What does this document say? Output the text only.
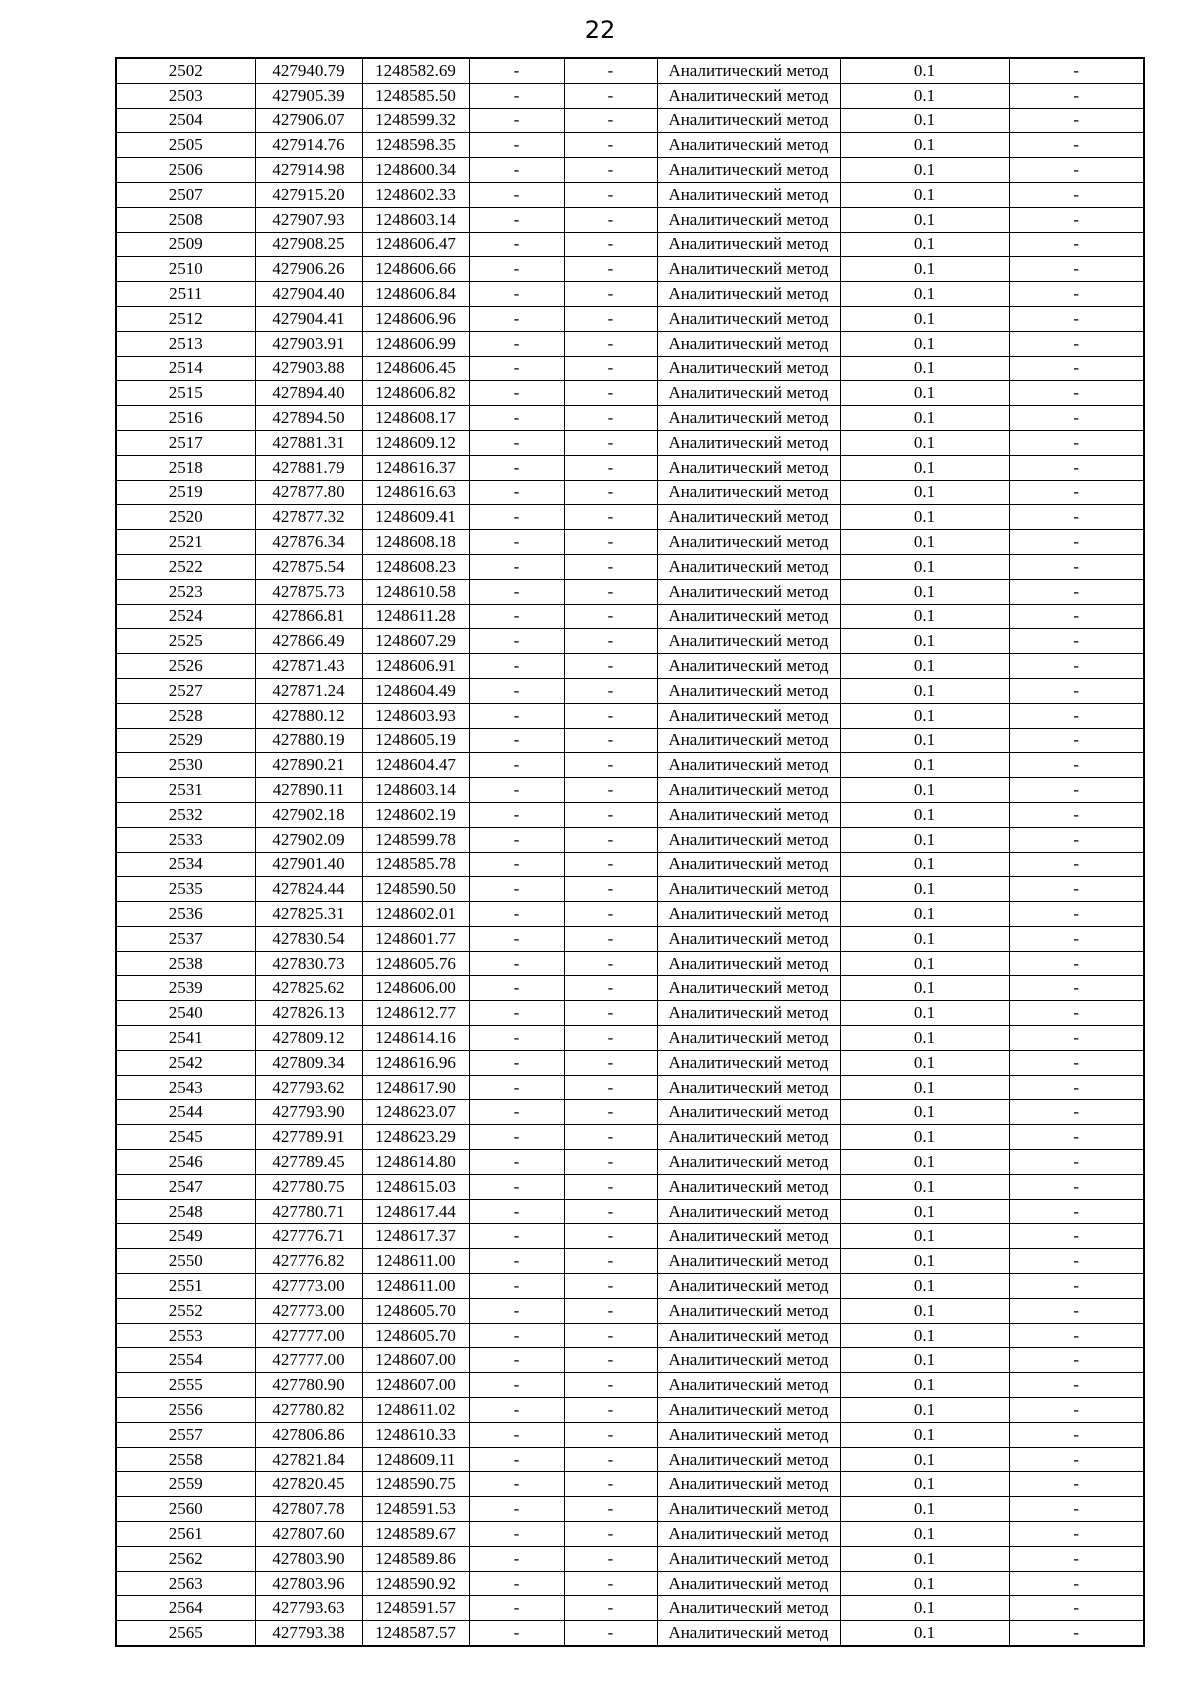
22
2502	427940.79	1248582.69	-	-	Аналитический метод	0.1	-
2503	427905.39	1248585.50	-	-	Аналитический метод	0.1	-
2504	427906.07	1248599.32	-	-	Аналитический метод	0.1	-
2505	427914.76	1248598.35	-	-	Аналитический метод	0.1	-
2506	427914.98	1248600.34	-	-	Аналитический метод	0.1	-
2507	427915.20	1248602.33	-	-	Аналитический метод	0.1	-
2508	427907.93	1248603.14	-	-	Аналитический метод	0.1	-
2509	427908.25	1248606.47	-	-	Аналитический метод	0.1	-
2510	427906.26	1248606.66	-	-	Аналитический метод	0.1	-
2511	427904.40	1248606.84	-	-	Аналитический метод	0.1	-
2512	427904.41	1248606.96	-	-	Аналитический метод	0.1	-
2513	427903.91	1248606.99	-	-	Аналитический метод	0.1	-
2514	427903.88	1248606.45	-	-	Аналитический метод	0.1	-
2515	427894.40	1248606.82	-	-	Аналитический метод	0.1	-
2516	427894.50	1248608.17	-	-	Аналитический метод	0.1	-
2517	427881.31	1248609.12	-	-	Аналитический метод	0.1	-
2518	427881.79	1248616.37	-	-	Аналитический метод	0.1	-
2519	427877.80	1248616.63	-	-	Аналитический метод	0.1	-
2520	427877.32	1248609.41	-	-	Аналитический метод	0.1	-
2521	427876.34	1248608.18	-	-	Аналитический метод	0.1	-
2522	427875.54	1248608.23	-	-	Аналитический метод	0.1	-
2523	427875.73	1248610.58	-	-	Аналитический метод	0.1	-
2524	427866.81	1248611.28	-	-	Аналитический метод	0.1	-
2525	427866.49	1248607.29	-	-	Аналитический метод	0.1	-
2526	427871.43	1248606.91	-	-	Аналитический метод	0.1	-
2527	427871.24	1248604.49	-	-	Аналитический метод	0.1	-
2528	427880.12	1248603.93	-	-	Аналитический метод	0.1	-
2529	427880.19	1248605.19	-	-	Аналитический метод	0.1	-
2530	427890.21	1248604.47	-	-	Аналитический метод	0.1	-
2531	427890.11	1248603.14	-	-	Аналитический метод	0.1	-
2532	427902.18	1248602.19	-	-	Аналитический метод	0.1	-
2533	427902.09	1248599.78	-	-	Аналитический метод	0.1	-
2534	427901.40	1248585.78	-	-	Аналитический метод	0.1	-
2535	427824.44	1248590.50	-	-	Аналитический метод	0.1	-
2536	427825.31	1248602.01	-	-	Аналитический метод	0.1	-
2537	427830.54	1248601.77	-	-	Аналитический метод	0.1	-
2538	427830.73	1248605.76	-	-	Аналитический метод	0.1	-
2539	427825.62	1248606.00	-	-	Аналитический метод	0.1	-
2540	427826.13	1248612.77	-	-	Аналитический метод	0.1	-
2541	427809.12	1248614.16	-	-	Аналитический метод	0.1	-
2542	427809.34	1248616.96	-	-	Аналитический метод	0.1	-
2543	427793.62	1248617.90	-	-	Аналитический метод	0.1	-
2544	427793.90	1248623.07	-	-	Аналитический метод	0.1	-
2545	427789.91	1248623.29	-	-	Аналитический метод	0.1	-
2546	427789.45	1248614.80	-	-	Аналитический метод	0.1	-
2547	427780.75	1248615.03	-	-	Аналитический метод	0.1	-
2548	427780.71	1248617.44	-	-	Аналитический метод	0.1	-
2549	427776.71	1248617.37	-	-	Аналитический метод	0.1	-
2550	427776.82	1248611.00	-	-	Аналитический метод	0.1	-
2551	427773.00	1248611.00	-	-	Аналитический метод	0.1	-
2552	427773.00	1248605.70	-	-	Аналитический метод	0.1	-
2553	427777.00	1248605.70	-	-	Аналитический метод	0.1	-
2554	427777.00	1248607.00	-	-	Аналитический метод	0.1	-
2555	427780.90	1248607.00	-	-	Аналитический метод	0.1	-
2556	427780.82	1248611.02	-	-	Аналитический метод	0.1	-
2557	427806.86	1248610.33	-	-	Аналитический метод	0.1	-
2558	427821.84	1248609.11	-	-	Аналитический метод	0.1	-
2559	427820.45	1248590.75	-	-	Аналитический метод	0.1	-
2560	427807.78	1248591.53	-	-	Аналитический метод	0.1	-
2561	427807.60	1248589.67	-	-	Аналитический метод	0.1	-
2562	427803.90	1248589.86	-	-	Аналитический метод	0.1	-
2563	427803.96	1248590.92	-	-	Аналитический метод	0.1	-
2564	427793.63	1248591.57	-	-	Аналитический метод	0.1	-
2565	427793.38	1248587.57	-	-	Аналитический метод	0.1	-
